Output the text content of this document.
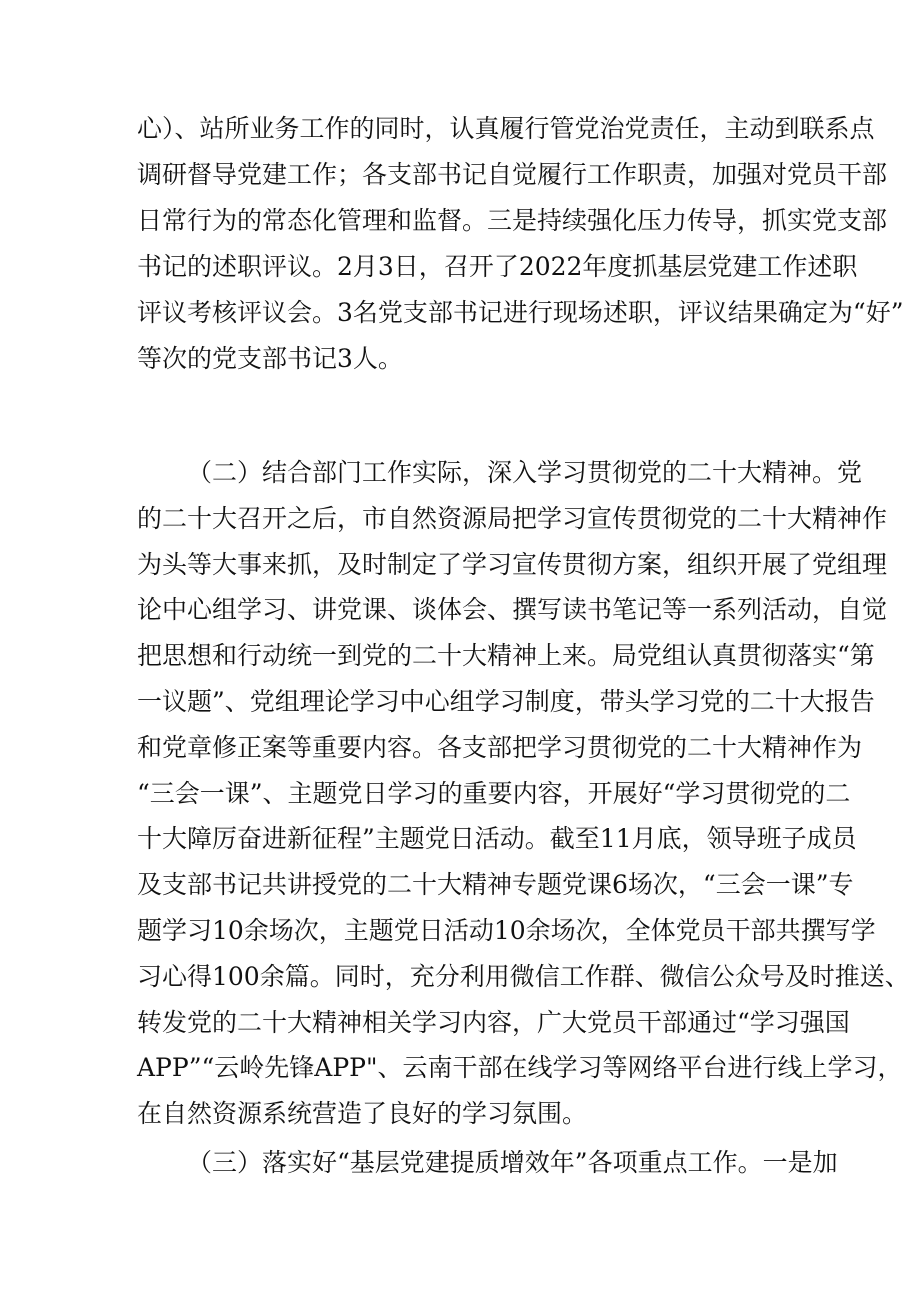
心）、站所业务工作的同时，认真履行管党治党责任，主动到联系点
调研督导党建工作；各支部书记自觉履行工作职责，加强对党员干部
日常行为的常态化管理和监督。三是持续强化压力传导，抓实党支部
书记的述职评议。2月3日，召开了2022年度抓基层党建工作述职
评议考核评议会。3名党支部书记进行现场述职，评议结果确定为“好”
等次的党支部书记3人。
（二）结合部门工作实际，深入学习贯彻党的二十大精神。党
的二十大召开之后，市自然资源局把学习宣传贯彻党的二十大精神作
为头等大事来抓，及时制定了学习宣传贯彻方案，组织开展了党组理
论中心组学习、讲党课、谈体会、撰写读书笔记等一系列活动，自觉
把思想和行动统一到党的二十大精神上来。局党组认真贯彻落实“第
一议题”、党组理论学习中心组学习制度，带头学习党的二十大报告
和党章修正案等重要内容。各支部把学习贯彻党的二十大精神作为
“三会一课”、主题党日学习的重要内容，开展好“学习贯彻党的二
十大障厉奋进新征程”主题党日活动。截至11月底，领导班子成员
及支部书记共讲授党的二十大精神专题党课6场次，“三会一课”专
题学习10余场次，主题党日活动10余场次，全体党员干部共撰写学
习心得100余篇。同时，充分利用微信工作群、微信公众号及时推送、
转发党的二十大精神相关学习内容，广大党员干部通过“学习强国
APP”“云岭先锋APP"、云南干部在线学习等网络平台进行线上学习，
在自然资源系统营造了良好的学习氛围。
（三）落实好“基层党建提质增效年”各项重点工作。一是加
